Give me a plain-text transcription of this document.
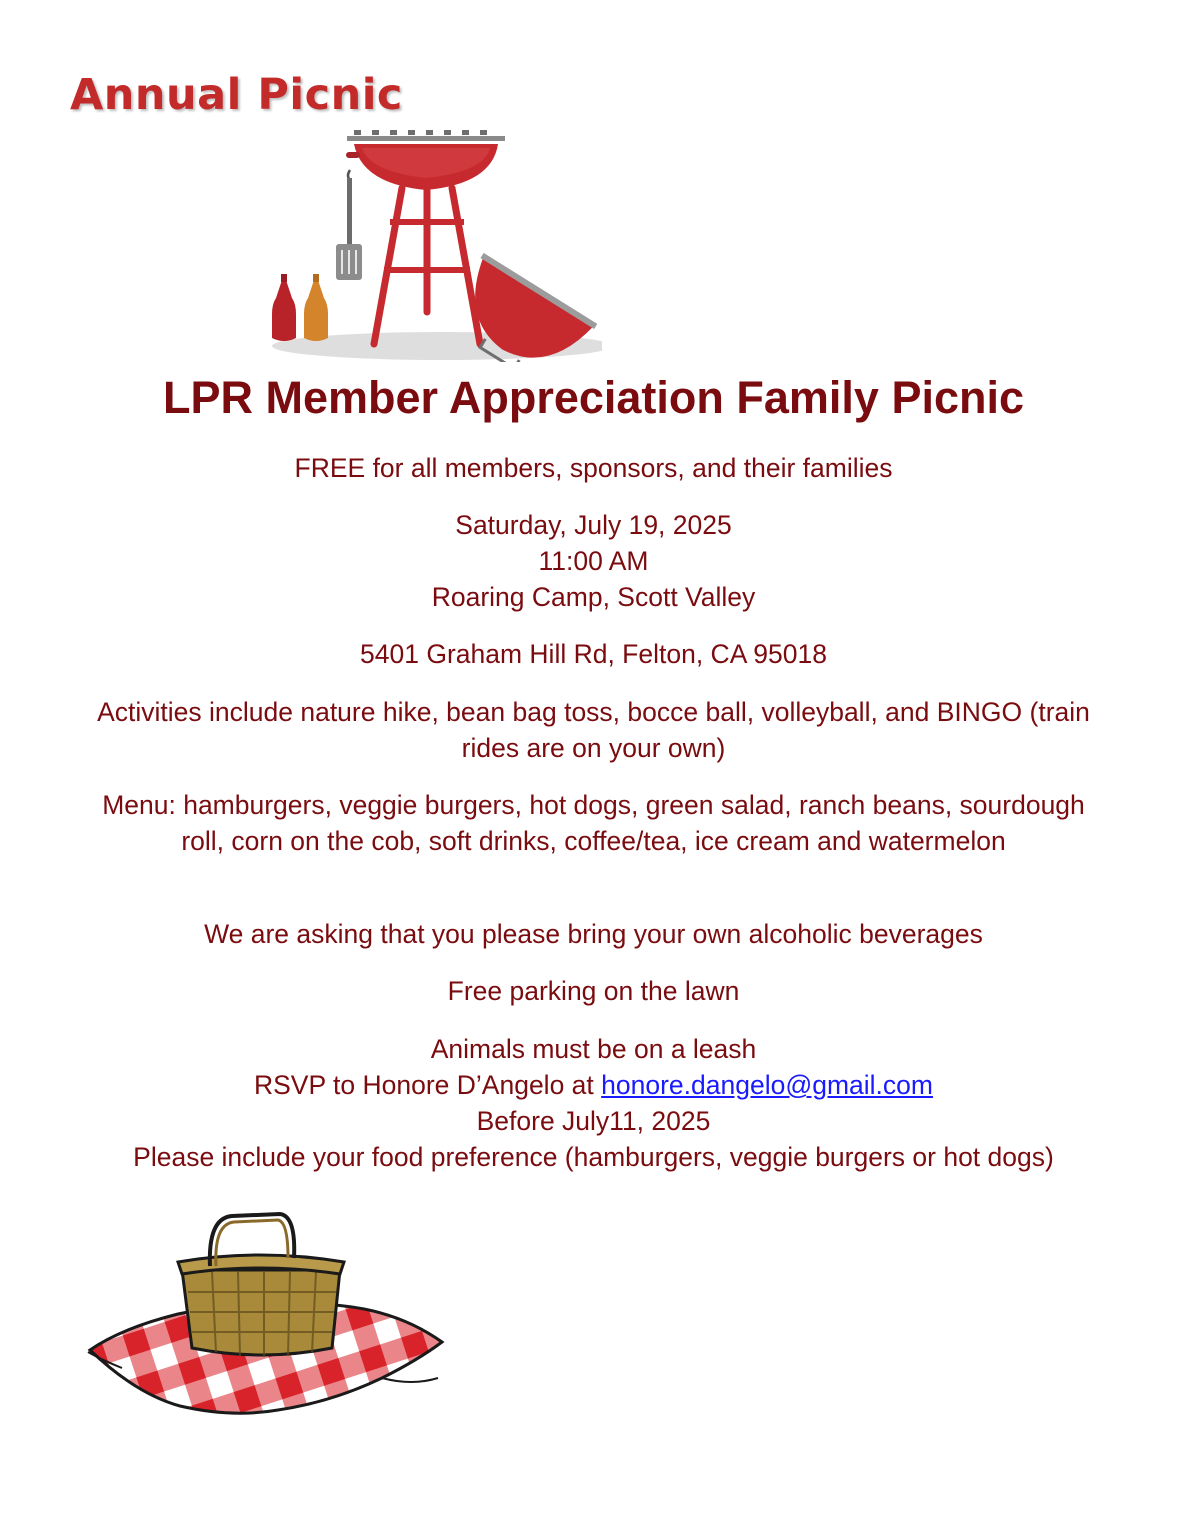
Annual Picnic
LPR Member Appreciation Family Picnic

FREE for all members, sponsors, and their families

Saturday, July 19, 2025

11:00 AM

Roaring Camp, Scott Valley

5401 Graham Hill Rd, Felton, CA 95018

Activities include nature hike, bean bag toss, bocce ball, volleyball, and BINGO (train rides are on your own)

Menu: hamburgers, veggie burgers, hot dogs, green salad, ranch beans, sourdough roll, corn on the cob, soft drinks, coffee/tea, ice cream and watermelon

We are asking that you please bring your own alcoholic beverages

Free parking on the lawn

Animals must be on a leash

RSVP to Honore D’Angelo at honore.dangelo@gmail.com

Before July11, 2025

Please include your food preference (hamburgers, veggie burgers or hot dogs)
